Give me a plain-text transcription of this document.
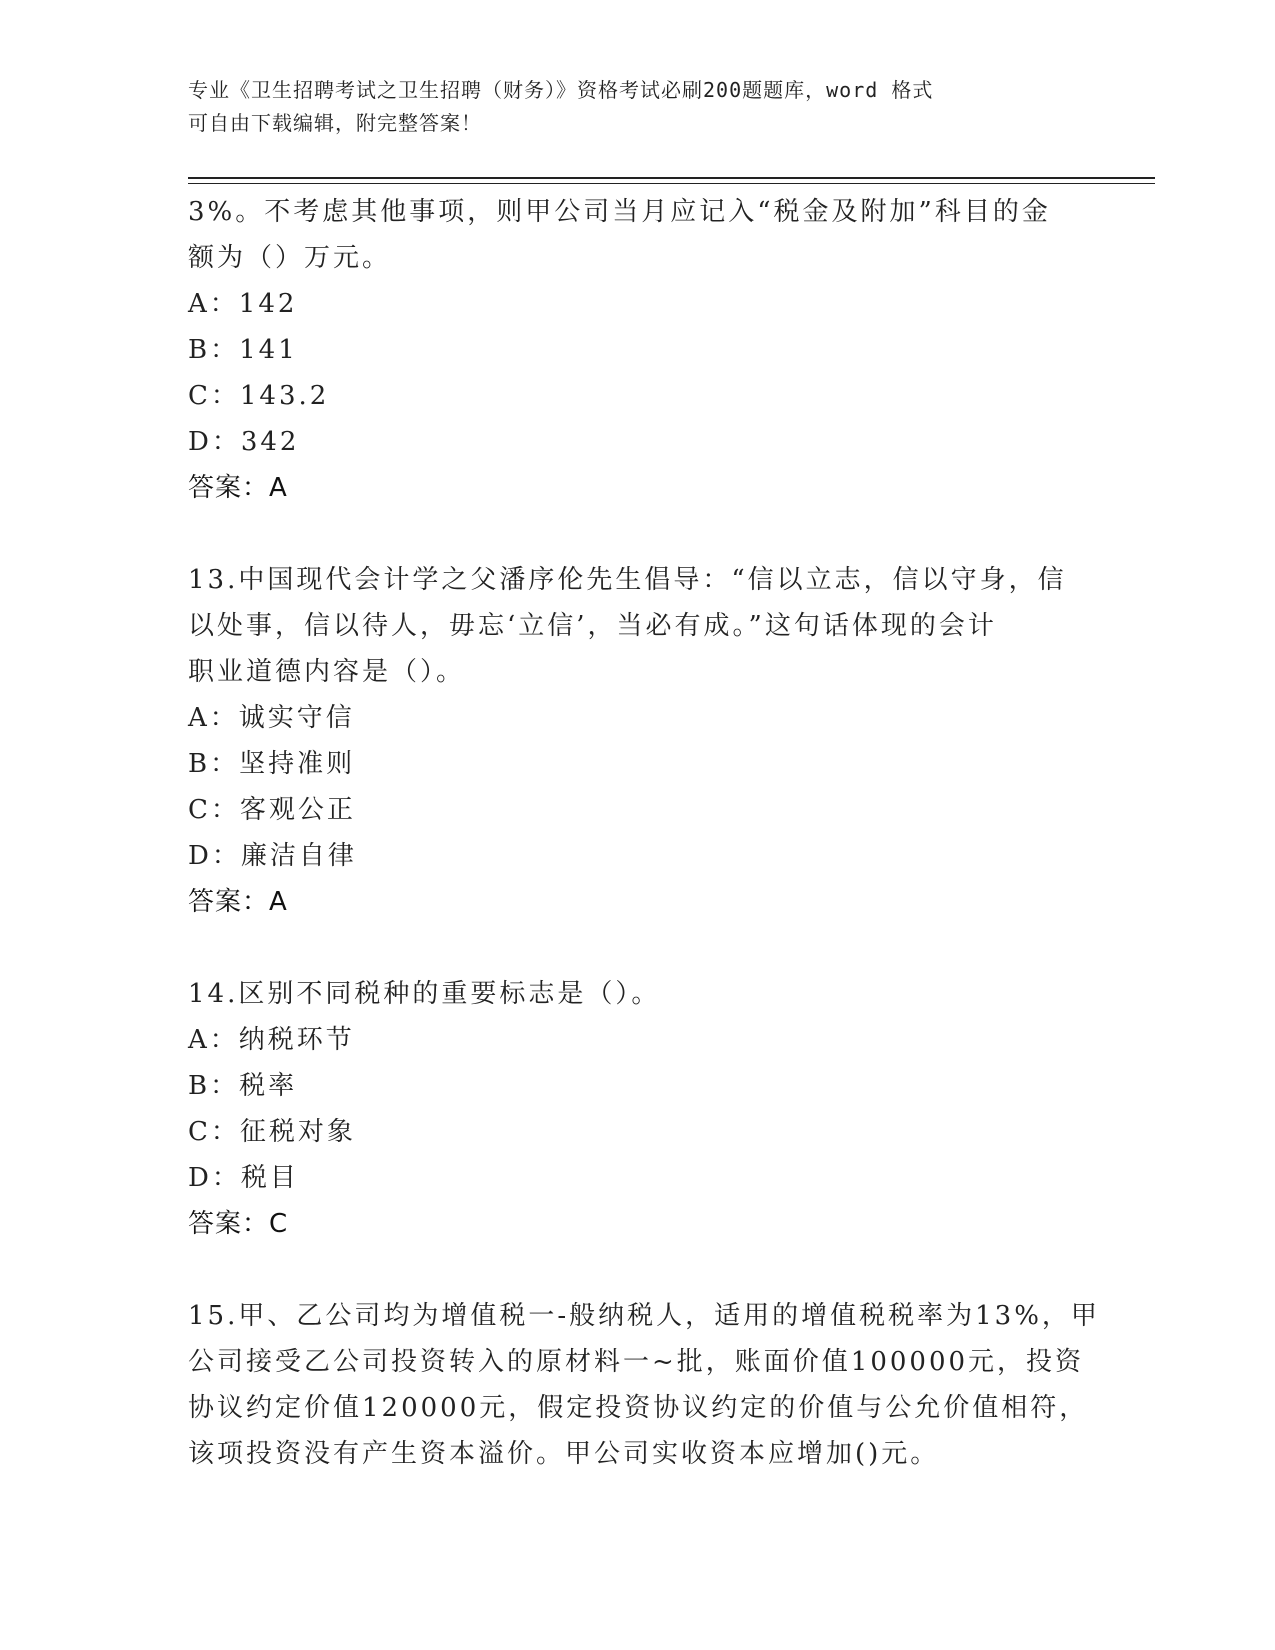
专业《卫生招聘考试之卫生招聘（财务）》资格考试必刷200题题库，word 格式
可自由下载编辑，附完整答案！
3%。不考虑其他事项，则甲公司当月应记入“税金及附加”科目的金
额为（）万元。
A：142
B：141
C：143.2
D：342
答案：A
13.中国现代会计学之父潘序伦先生倡导：“信以立志，信以守身，信
以处事，信以待人，毋忘‘立信’，当必有成。”这句话体现的会计
职业道德内容是（）。
A：诚实守信
B：坚持准则
C：客观公正
D：廉洁自律
答案：A
14.区别不同税种的重要标志是（）。
A：纳税环节
B：税率
C：征税对象
D：税目
答案：C
15.甲、乙公司均为增值税一-般纳税人，适用的增值税税率为13%，甲
公司接受乙公司投资转入的原材料一~批，账面价值100000元，投资
协议约定价值120000元，假定投资协议约定的价值与公允价值相符，
该项投资没有产生资本溢价。甲公司实收资本应增加()元。
